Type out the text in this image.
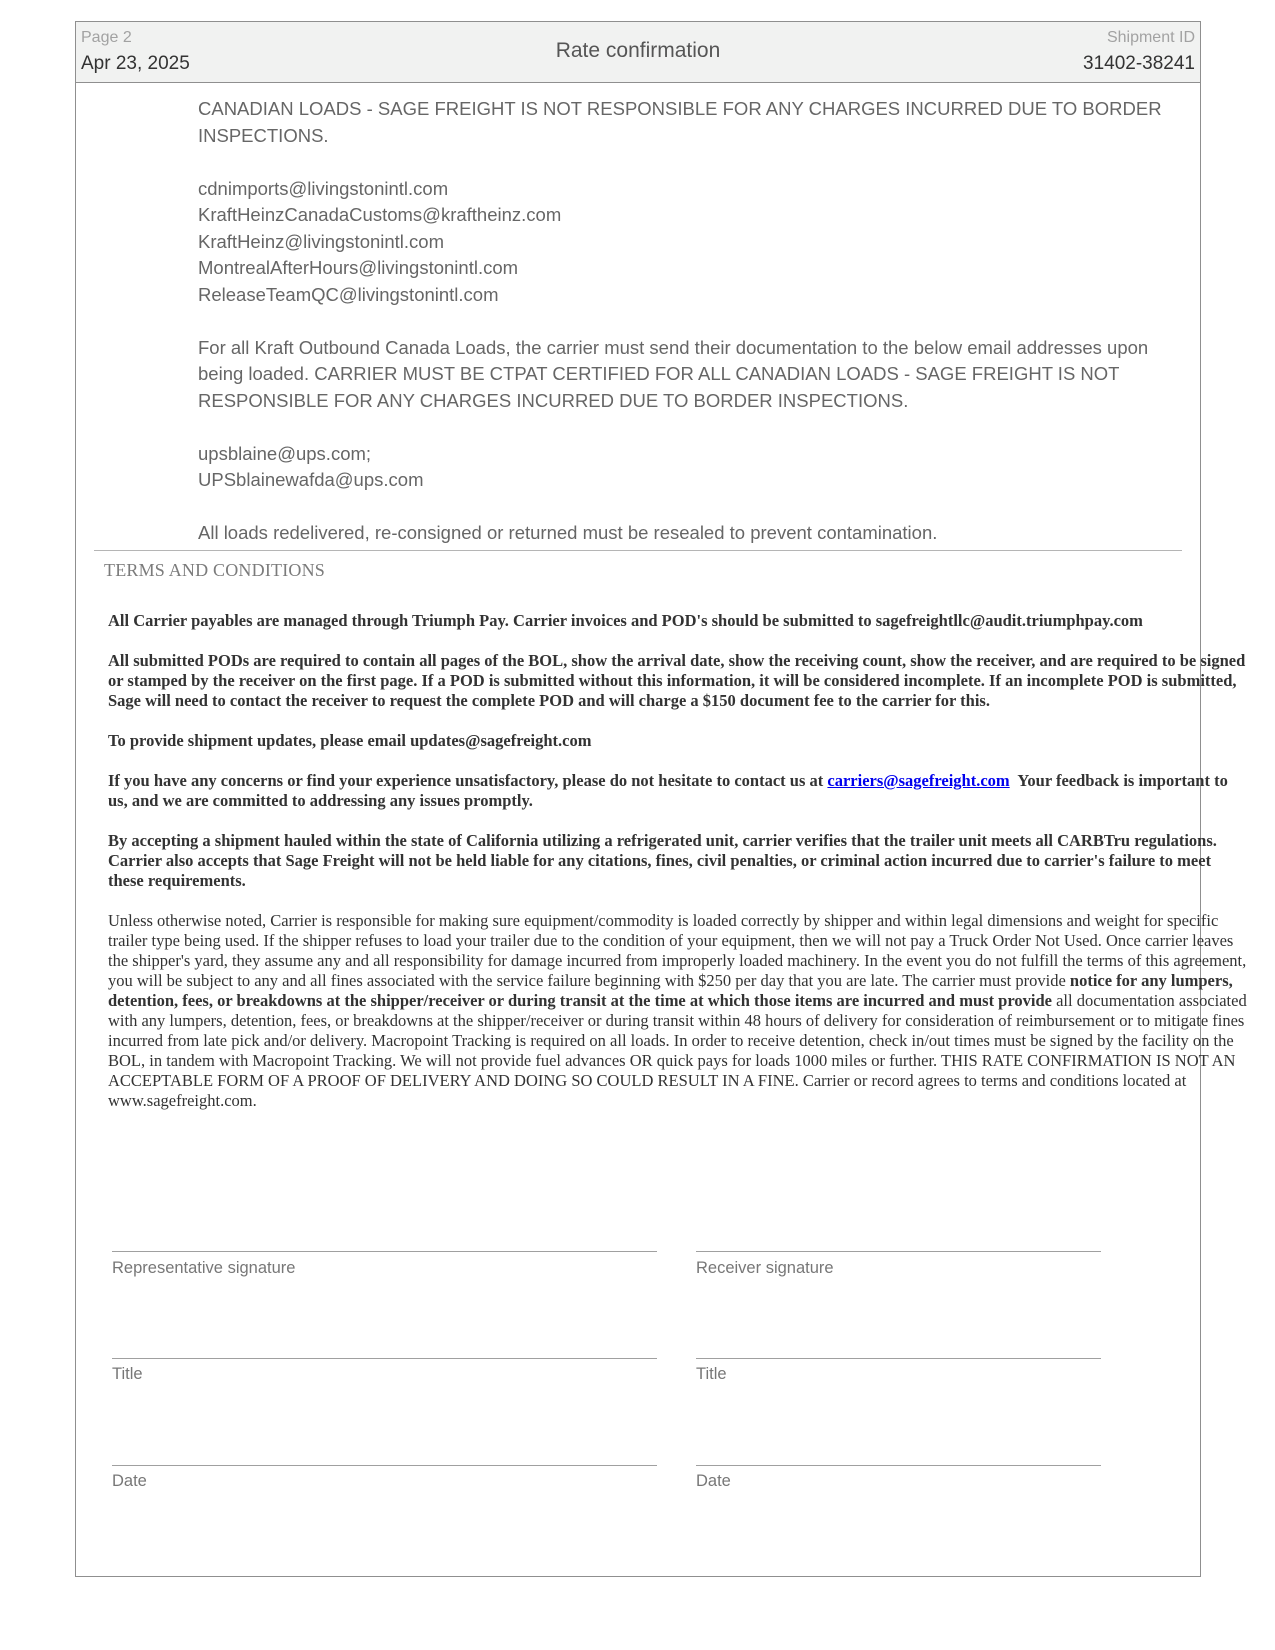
Page 2
Apr 23, 2025
Rate confirmation
Shipment ID
31402-38241

CANADIAN LOADS - SAGE FREIGHT IS NOT RESPONSIBLE FOR ANY CHARGES INCURRED DUE TO BORDER INSPECTIONS.

cdnimports@livingstonintl.com
KraftHeinzCanadaCustoms@kraftheinz.com
KraftHeinz@livingstonintl.com
MontrealAfterHours@livingstonintl.com
ReleaseTeamQC@livingstonintl.com

For all Kraft Outbound Canada Loads, the carrier must send their documentation to the below email addresses upon being loaded. CARRIER MUST BE CTPAT CERTIFIED FOR ALL CANADIAN LOADS - SAGE FREIGHT IS NOT RESPONSIBLE FOR ANY CHARGES INCURRED DUE TO BORDER INSPECTIONS.

upsblaine@ups.com;
UPSblainewafda@ups.com

All loads redelivered, re-consigned or returned must be resealed to prevent contamination.

TERMS AND CONDITIONS

All Carrier payables are managed through Triumph Pay. Carrier invoices and POD's should be submitted to sagefreightllc@audit.triumphpay.com

All submitted PODs are required to contain all pages of the BOL, show the arrival date, show the receiving count, show the receiver, and are required to be signed or stamped by the receiver on the first page. If a POD is submitted without this information, it will be considered incomplete. If an incomplete POD is submitted, Sage will need to contact the receiver to request the complete POD and will charge a $150 document fee to the carrier for this.

To provide shipment updates, please email updates@sagefreight.com

If you have any concerns or find your experience unsatisfactory, please do not hesitate to contact us at carriers@sagefreight.com Your feedback is important to us, and we are committed to addressing any issues promptly.

By accepting a shipment hauled within the state of California utilizing a refrigerated unit, carrier verifies that the trailer unit meets all CARBTru regulations. Carrier also accepts that Sage Freight will not be held liable for any citations, fines, civil penalties, or criminal action incurred due to carrier's failure to meet these requirements.

Unless otherwise noted, Carrier is responsible for making sure equipment/commodity is loaded correctly by shipper and within legal dimensions and weight for specific trailer type being used. If the shipper refuses to load your trailer due to the condition of your equipment, then we will not pay a Truck Order Not Used. Once carrier leaves the shipper's yard, they assume any and all responsibility for damage incurred from improperly loaded machinery. In the event you do not fulfill the terms of this agreement, you will be subject to any and all fines associated with the service failure beginning with $250 per day that you are late. The carrier must provide notice for any lumpers, detention, fees, or breakdowns at the shipper/receiver or during transit at the time at which those items are incurred and must provide all documentation associated with any lumpers, detention, fees, or breakdowns at the shipper/receiver or during transit within 48 hours of delivery for consideration of reimbursement or to mitigate fines incurred from late pick and/or delivery. Macropoint Tracking is required on all loads. In order to receive detention, check in/out times must be signed by the facility on the BOL, in tandem with Macropoint Tracking. We will not provide fuel advances OR quick pays for loads 1000 miles or further. THIS RATE CONFIRMATION IS NOT AN ACCEPTABLE FORM OF A PROOF OF DELIVERY AND DOING SO COULD RESULT IN A FINE. Carrier or record agrees to terms and conditions located at www.sagefreight.com.

Representative signature	Receiver signature
Title	Title
Date	Date
